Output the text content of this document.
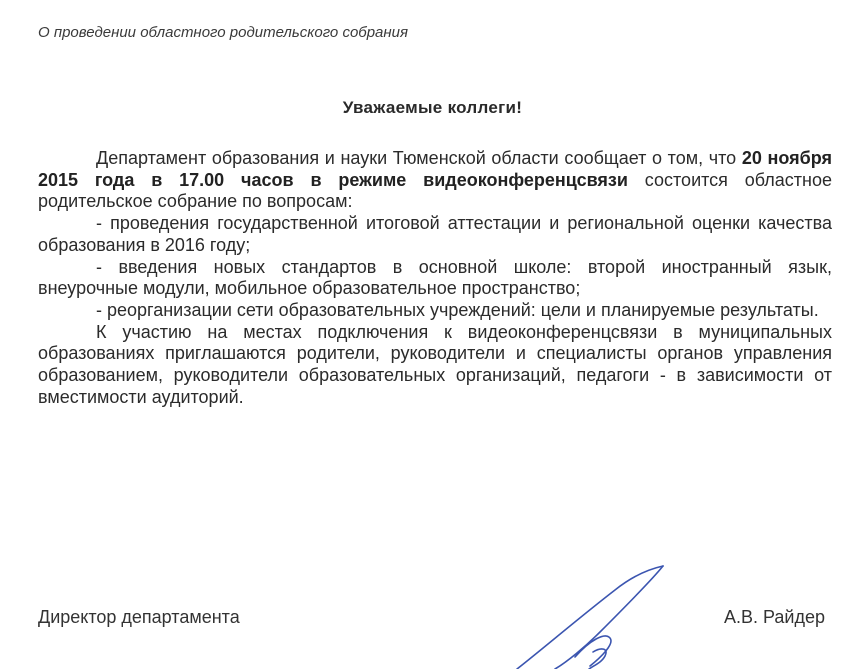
О проведении областного родительского собрания
Уважаемые коллеги!

Департамент образования и науки Тюменской области сообщает о том, что 20 ноября 2015 года в 17.00 часов в режиме видеоконференцсвязи состоится областное родительское собрание по вопросам:

- проведения государственной итоговой аттестации и региональной оценки качества образования в 2016 году;

- введения новых стандартов в основной школе: второй иностранный язык, внеурочные модули, мобильное образовательное пространство;

- реорганизации сети образовательных учреждений: цели и планируемые результаты.

К участию на местах подключения к видеоконференцсвязи в муниципальных образованиях приглашаются родители, руководители и специалисты органов управления образованием, руководители образовательных организаций, педагоги - в зависимости от вместимости аудиторий.

Директор департамента	А.В. Райдер
